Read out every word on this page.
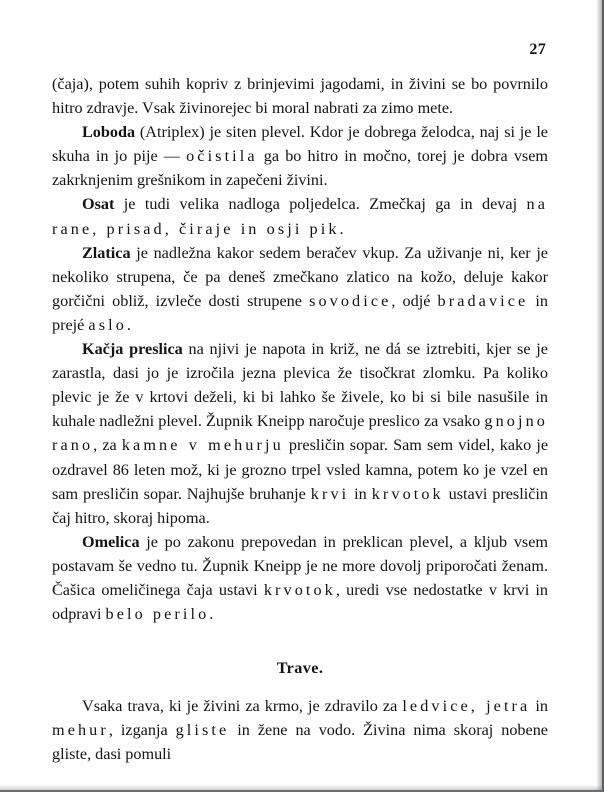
27

(čaja), potem suhih kopriv z brinjevimi jagodami, in živini se bo povrnilo hitro zdravje. Vsak živinorejec bi moral nabrati za zimo mete.

Loboda (Atriplex) je siten plevel. Kdor je dobrega želodca, naj si je le skuha in jo pije — očistila ga bo hitro in močno, torej je dobra vsem zakrknjenim grešnikom in zapečeni živini.

Osat je tudi velika nadloga poljedelca. Zmečkaj ga in devaj na rane, prisad, čiraje in osji pik.

Zlatica je nadležna kakor sedem beračev vkup. Za uživanje ni, ker je nekoliko strupena, če pa deneš zmečkano zlatico na kožo, deluje kakor gorčični obliž, izvleče dosti strupene sovodice, odjé bradavice in prejé aslo.

Kačja preslica na njivi je napota in križ, ne dá se iztrebiti, kjer se je zarastla, dasi jo je izročila jezna plevica že tisočkrat zlomku. Pa koliko plevic je že v krtovi deželi, ki bi lahko še živele, ko bi si bile nasušile in kuhale nadležni plevel. Župnik Kneipp naročuje preslico za vsako gnojno rano, za kamne v mehurju presličin sopar. Sam sem videl, kako je ozdravel 86 leten mož, ki je grozno trpel vsled kamna, potem ko je vzel en sam presličin sopar. Najhujše bruhanje krvi in krvotok ustavi presličin čaj hitro, skoraj hipoma.

Omelica je po zakonu prepovedan in preklican plevel, a kljub vsem postavam še vedno tu. Župnik Kneipp je ne more dovolj priporočati ženam. Čašica omeličinega čaja ustavi krvotok, uredi vse nedostatke v krvi in odpravi belo perilo.

Trave.

Vsaka trava, ki je živini za krmo, je zdravilo za ledvice, jetra in mehur, izganja gliste in žene na vodo. Živina nima skoraj nobene gliste, dasi pomuli
